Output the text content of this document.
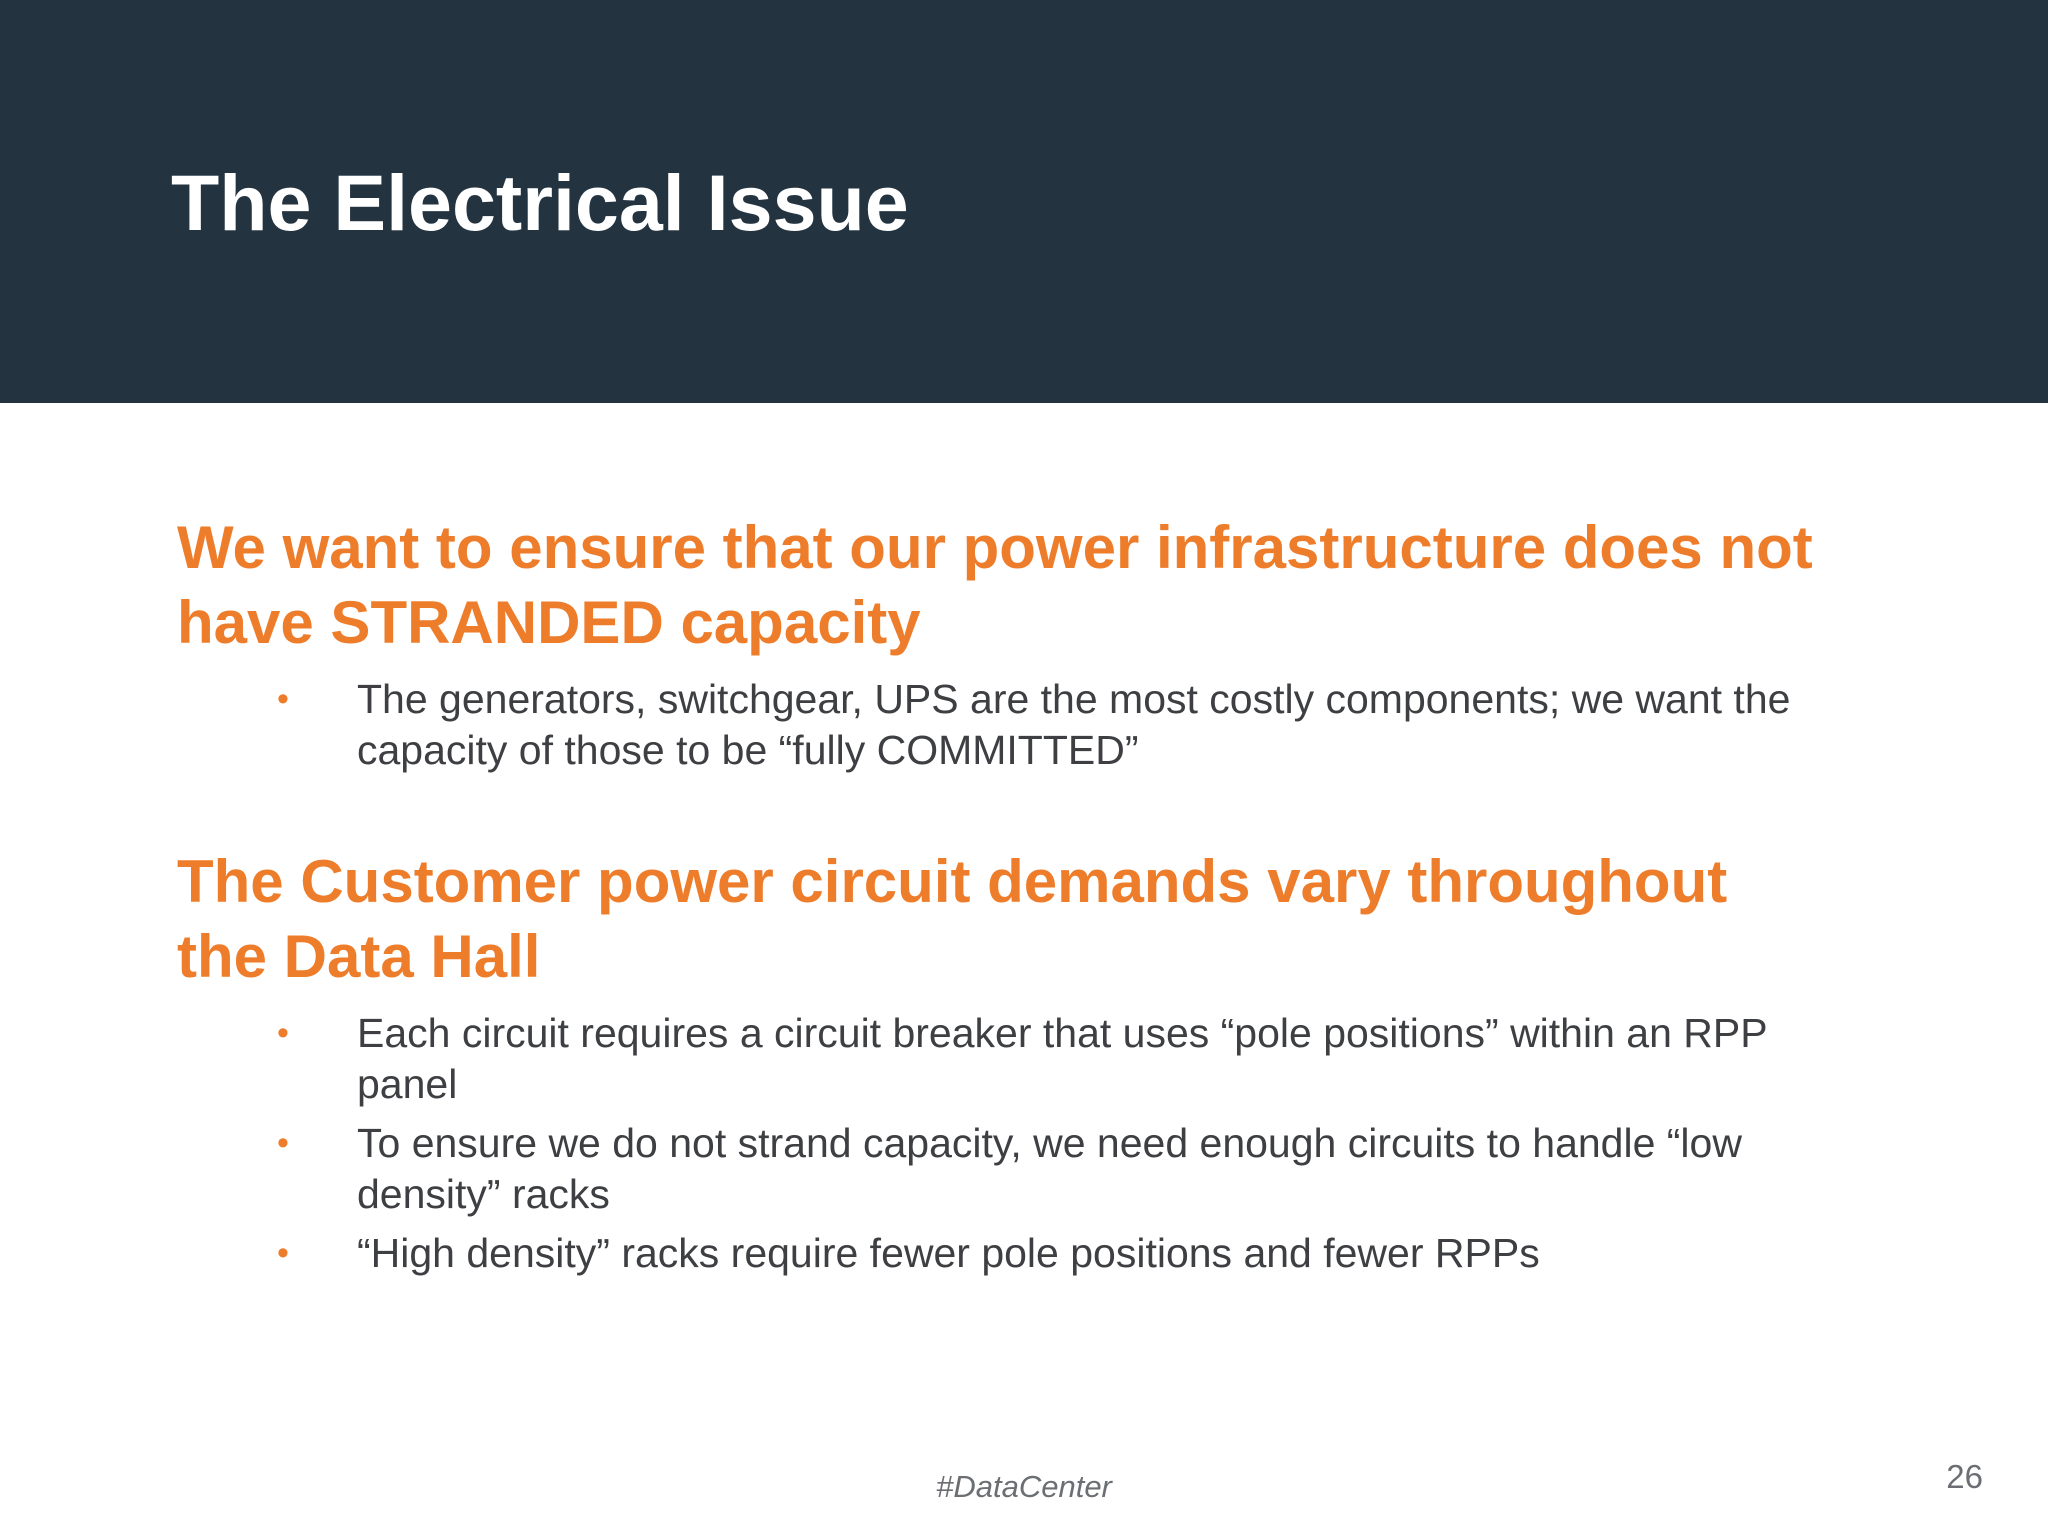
The Electrical Issue
We want to ensure that our power infrastructure does not have STRANDED capacity
• The generators, switchgear, UPS are the most costly components; we want the capacity of those to be “fully COMMITTED”
The Customer power circuit demands vary throughout the Data Hall
• Each circuit requires a circuit breaker that uses “pole positions” within an RPP panel
• To ensure we do not strand capacity, we need enough circuits to handle “low density” racks
• “High density” racks require fewer pole positions and fewer RPPs
#DataCenter	26
